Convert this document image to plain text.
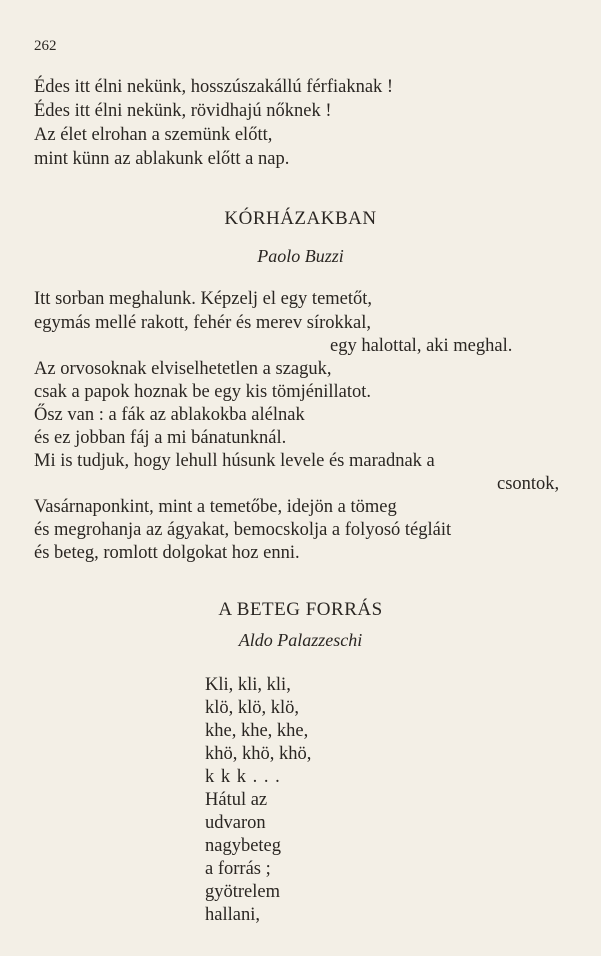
262
Édes itt élni nekünk, hosszúszakállú férfiaknak !
Édes itt élni nekünk, rövidhajú nőknek !
Az élet elrohan a szemünk előtt,
mint künn az ablakunk előtt a nap.
KÓRHÁZAKBAN
Paolo Buzzi
Itt sorban meghalunk. Képzelj el egy temetőt,
egymás mellé rakott, fehér és merev sírokkal,
egy halottal, aki meghal.
Az orvosoknak elviselhetetlen a szaguk,
csak a papok hoznak be egy kis tömjénillatot.
Ősz van : a fák az ablakokba alélnak
és ez jobban fáj a mi bánatunknál.
Mi is tudjuk, hogy lehull húsunk levele és maradnak a
csontok,
Vasárnaponkint, mint a temetőbe, idejön a tömeg
és megrohanja az ágyakat, bemocskolja a folyosó tégláit
és beteg, romlott dolgokat hoz enni.
A BETEG FORRÁS
Aldo Palazzeschi
Kli, kli, kli,
klö, klö, klö,
khe, khe, khe,
khö, khö, khö,
k k k . . .
Hátul az
udvaron
nagybeteg
a forrás ;
gyötrelem
hallani,
